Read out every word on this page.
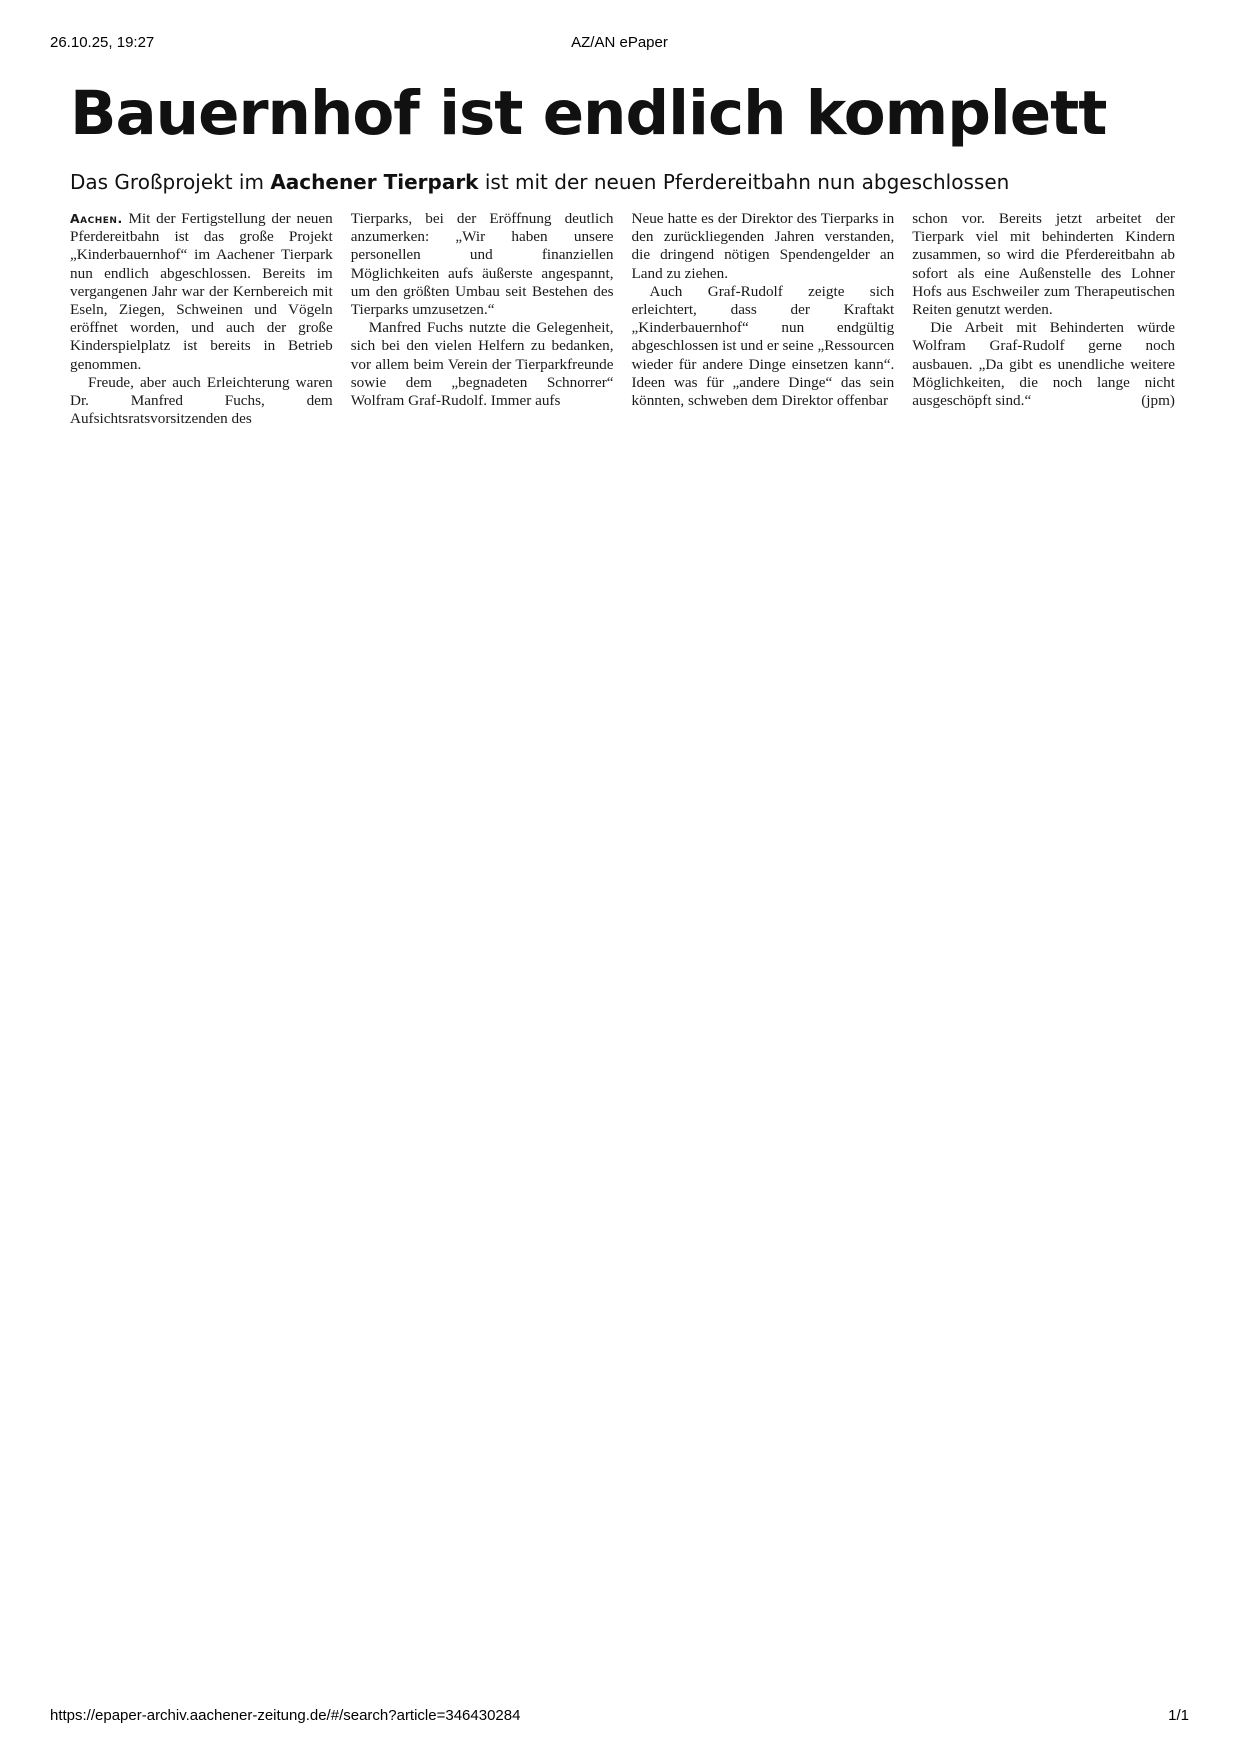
26.10.25, 19:27	AZ/AN ePaper
Bauernhof ist endlich komplett
Das Großprojekt im Aachener Tierpark ist mit der neuen Pferdereitbahn nun abgeschlossen

Aachen. Mit der Fertigstellung der neuen Pferdereitbahn ist das große Projekt „Kinderbauernhof“ im Aachener Tierpark nun endlich abgeschlossen. Bereits im vergangenen Jahr war der Kernbereich mit Eseln, Ziegen, Schweinen und Vögeln eröffnet worden, und auch der große Kinderspielplatz ist bereits in Betrieb genommen.

Freude, aber auch Erleichterung waren Dr. Manfred Fuchs, dem Aufsichtsratsvorsitzenden des

Tierparks, bei der Eröffnung deutlich anzumerken: „Wir haben unsere personellen und finanziellen Möglichkeiten aufs äußerste angespannt, um den größten Umbau seit Bestehen des Tierparks umzusetzen.“

Manfred Fuchs nutzte die Gelegenheit, sich bei den vielen Helfern zu bedanken, vor allem beim Verein der Tierparkfreunde sowie dem „begnadeten Schnorrer“ Wolfram Graf-Rudolf. Immer aufs

Neue hatte es der Direktor des Tierparks in den zurückliegenden Jahren verstanden, die dringend nötigen Spendengelder an Land zu ziehen.

Auch Graf-Rudolf zeigte sich erleichtert, dass der Kraftakt „Kinderbauernhof“ nun endgültig abgeschlossen ist und er seine „Ressourcen wieder für andere Dinge einsetzen kann“. Ideen was für „andere Dinge“ das sein könnten, schweben dem Direktor offenbar

schon vor. Bereits jetzt arbeitet der Tierpark viel mit behinderten Kindern zusammen, so wird die Pferdereitbahn ab sofort als eine Außenstelle des Lohner Hofs aus Eschweiler zum Therapeutischen Reiten genutzt werden.

Die Arbeit mit Behinderten würde Wolfram Graf-Rudolf gerne noch ausbauen. „Da gibt es unendliche weitere Möglichkeiten, die noch lange nicht ausgeschöpft sind.“	(jpm)

https://epaper-archiv.aachener-zeitung.de/#/search?article=346430284	1/1
